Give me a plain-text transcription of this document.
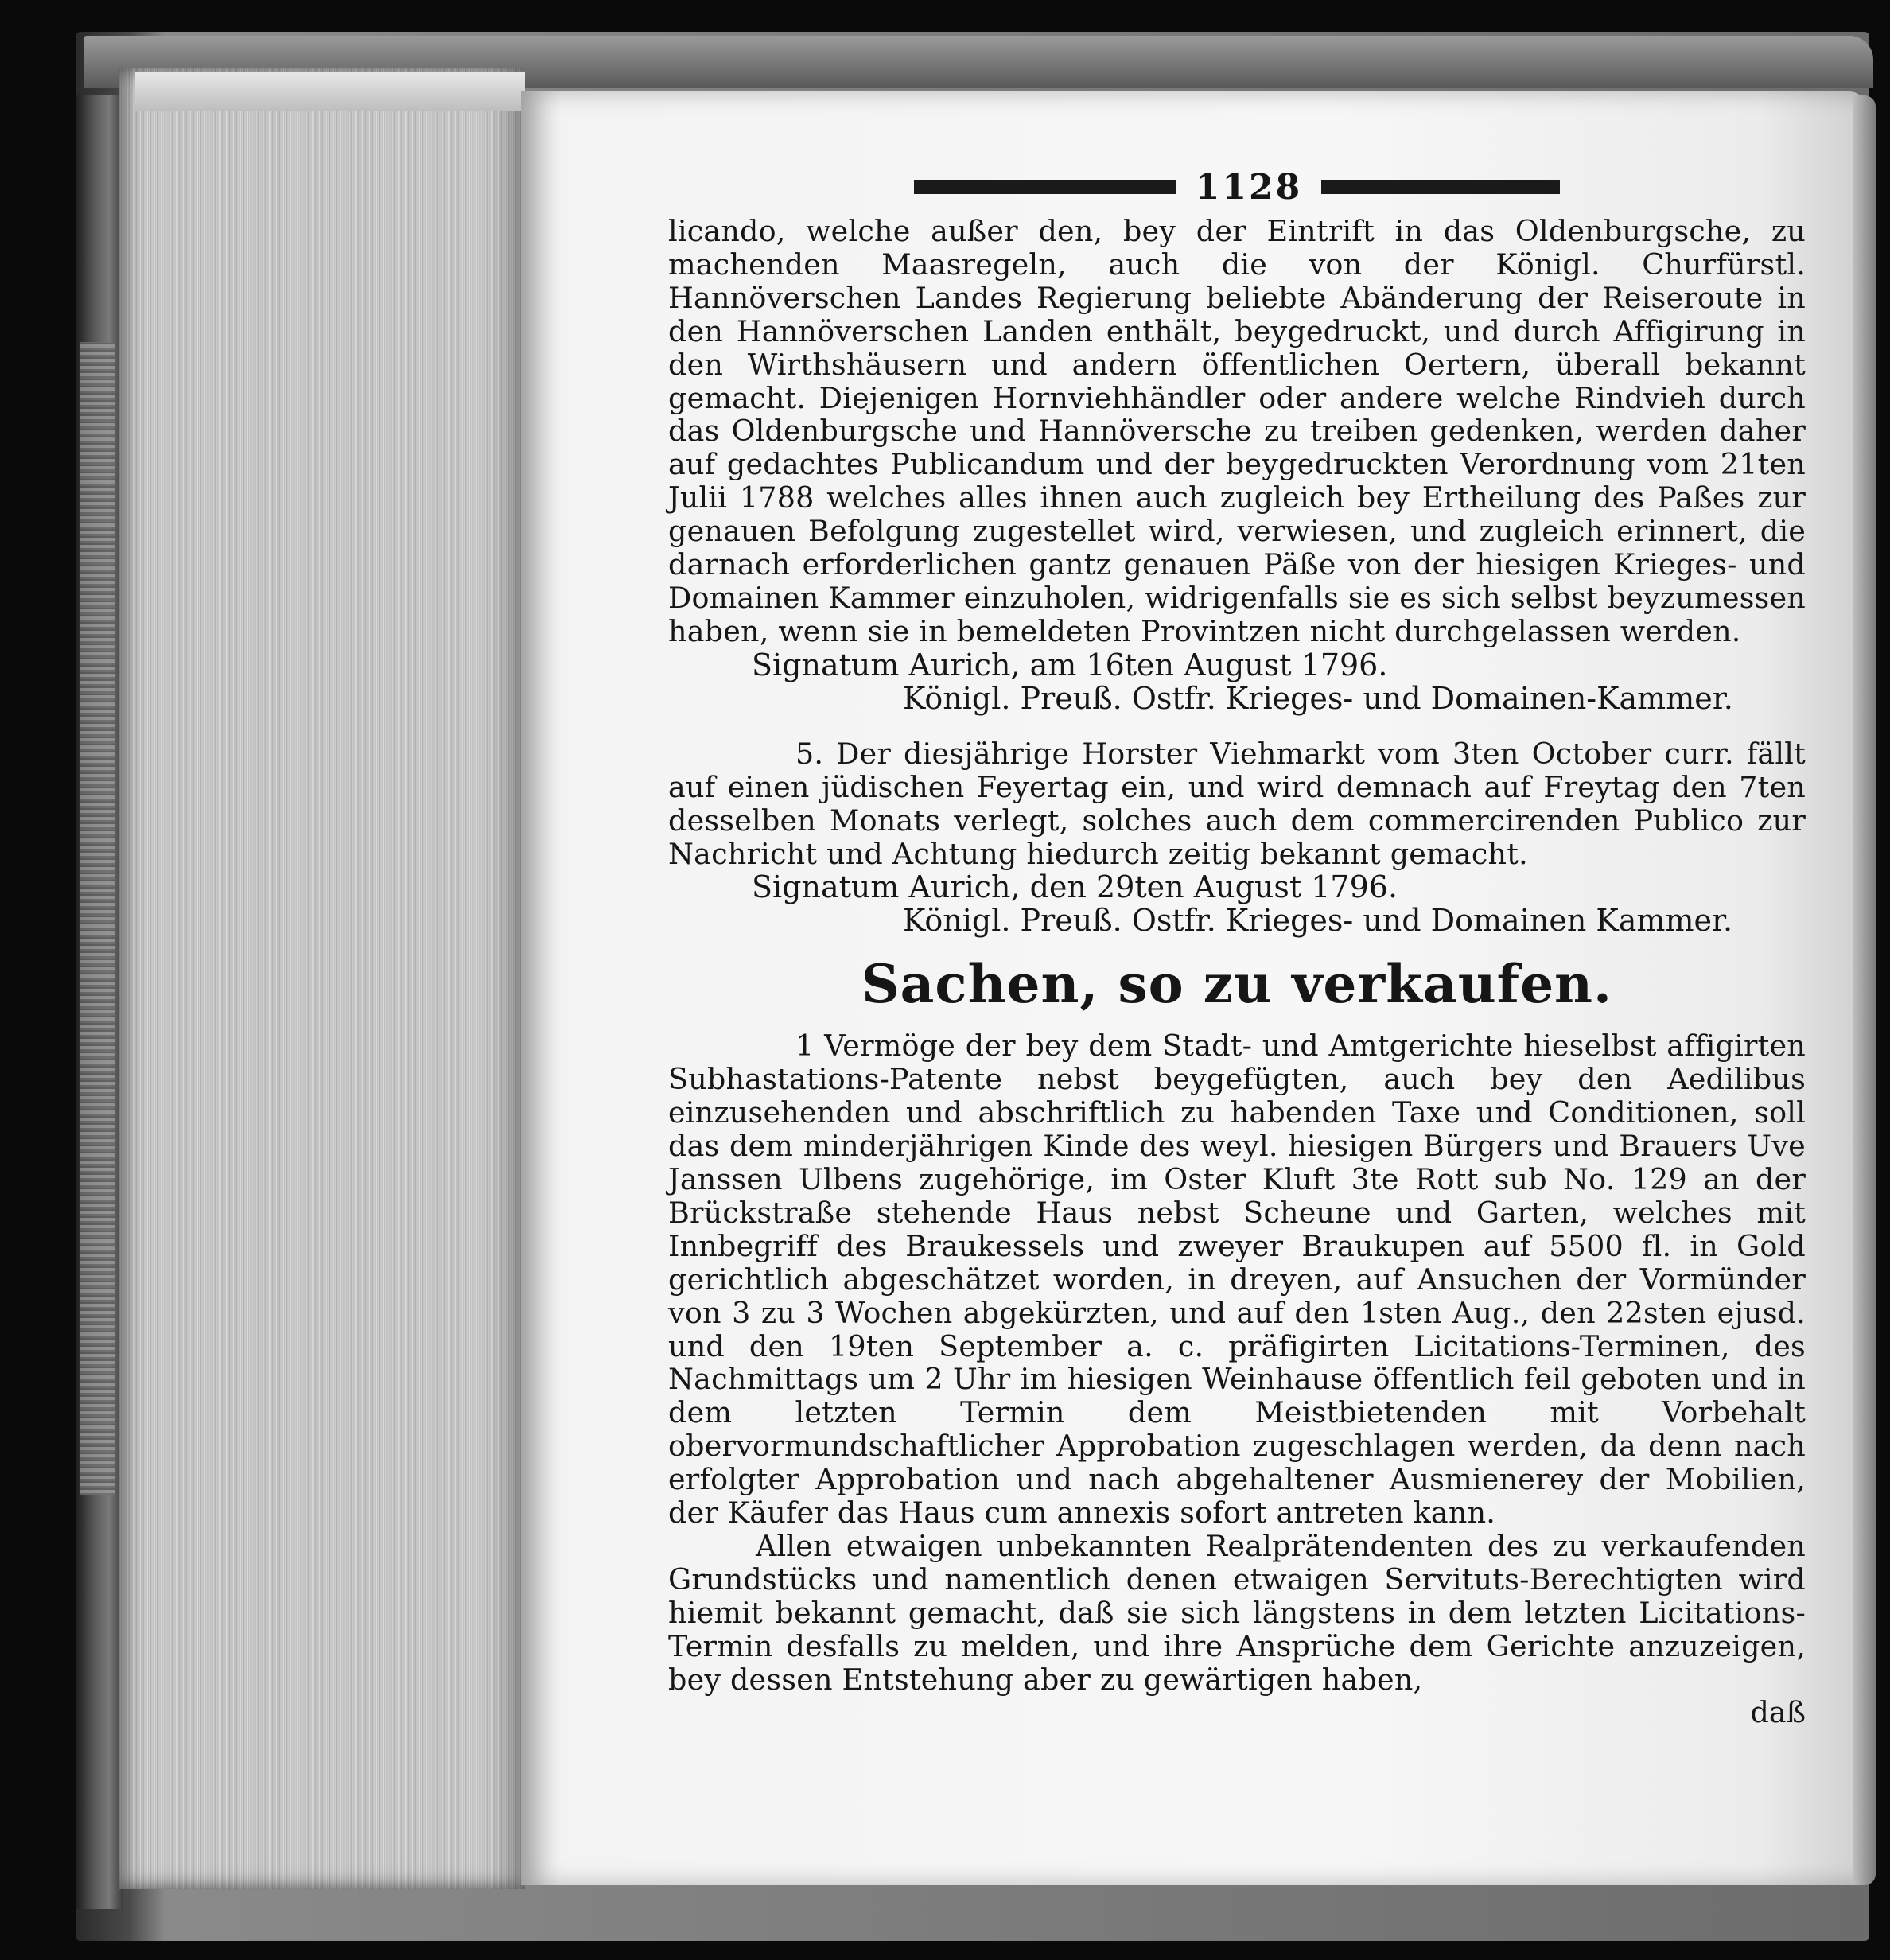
1128

licando, welche außer den, bey der Eintrift in das Oldenburgsche, zu machenden Maasregeln, auch die von der Königl. Churfürstl. Hannöverschen Landes Regierung beliebte Abänderung der Reiseroute in den Hannöverschen Landen enthält, beygedruckt, und durch Affigirung in den Wirthshäusern und andern öffentlichen Oertern, überall bekannt gemacht. Diejenigen Hornviehhändler oder andere welche Rindvieh durch das Oldenburgsche und Hannöversche zu treiben gedenken, werden daher auf gedachtes Publicandum und der beygedruckten Verordnung vom 21ten Julii 1788 welches alles ihnen auch zugleich bey Ertheilung des Paßes zur genauen Befolgung zugestellet wird, verwiesen, und zugleich erinnert, die darnach erforderlichen gantz genauen Päße von der hiesigen Krieges- und Domainen Kammer einzuholen, widrigenfalls sie es sich selbst beyzumessen haben, wenn sie in bemeldeten Provintzen nicht durchgelassen werden.

Signatum Aurich, am 16ten August 1796.

Königl. Preuß. Ostfr. Krieges- und Domainen-Kammer.

5. Der diesjährige Horster Viehmarkt vom 3ten October curr. fällt auf einen jüdischen Feyertag ein, und wird demnach auf Freytag den 7ten desselben Monats verlegt, solches auch dem commercirenden Publico zur Nachricht und Achtung hiedurch zeitig bekannt gemacht.

Signatum Aurich, den 29ten August 1796.

Königl. Preuß. Ostfr. Krieges- und Domainen Kammer.

Sachen, so zu verkaufen.

1 Vermöge der bey dem Stadt- und Amtgerichte hieselbst affigirten Subhastations-Patente nebst beygefügten, auch bey den Aedilibus einzusehenden und abschriftlich zu habenden Taxe und Conditionen, soll das dem minderjährigen Kinde des weyl. hiesigen Bürgers und Brauers Uve Janssen Ulbens zugehörige, im Oster Kluft 3te Rott sub No. 129 an der Brückstraße stehende Haus nebst Scheune und Garten, welches mit Innbegriff des Braukessels und zweyer Braukupen auf 5500 fl. in Gold gerichtlich abgeschätzet worden, in dreyen, auf Ansuchen der Vormünder von 3 zu 3 Wochen abgekürzten, und auf den 1sten Aug., den 22sten ejusd. und den 19ten September a. c. präfigirten Licitations-Terminen, des Nachmittags um 2 Uhr im hiesigen Weinhause öffentlich feil geboten und in dem letzten Termin dem Meistbietenden mit Vorbehalt obervormundschaftlicher Approbation zugeschlagen werden, da denn nach erfolgter Approbation und nach abgehaltener Ausmienerey der Mobilien, der Käufer das Haus cum annexis sofort antreten kann.

Allen etwaigen unbekannten Realprätendenten des zu verkaufenden Grundstücks und namentlich denen etwaigen Servituts-Berechtigten wird hiemit bekannt gemacht, daß sie sich längstens in dem letzten Licitations-Termin desfalls zu melden, und ihre Ansprüche dem Gerichte anzuzeigen, bey dessen Entstehung aber zu gewärtigen haben,

daß
